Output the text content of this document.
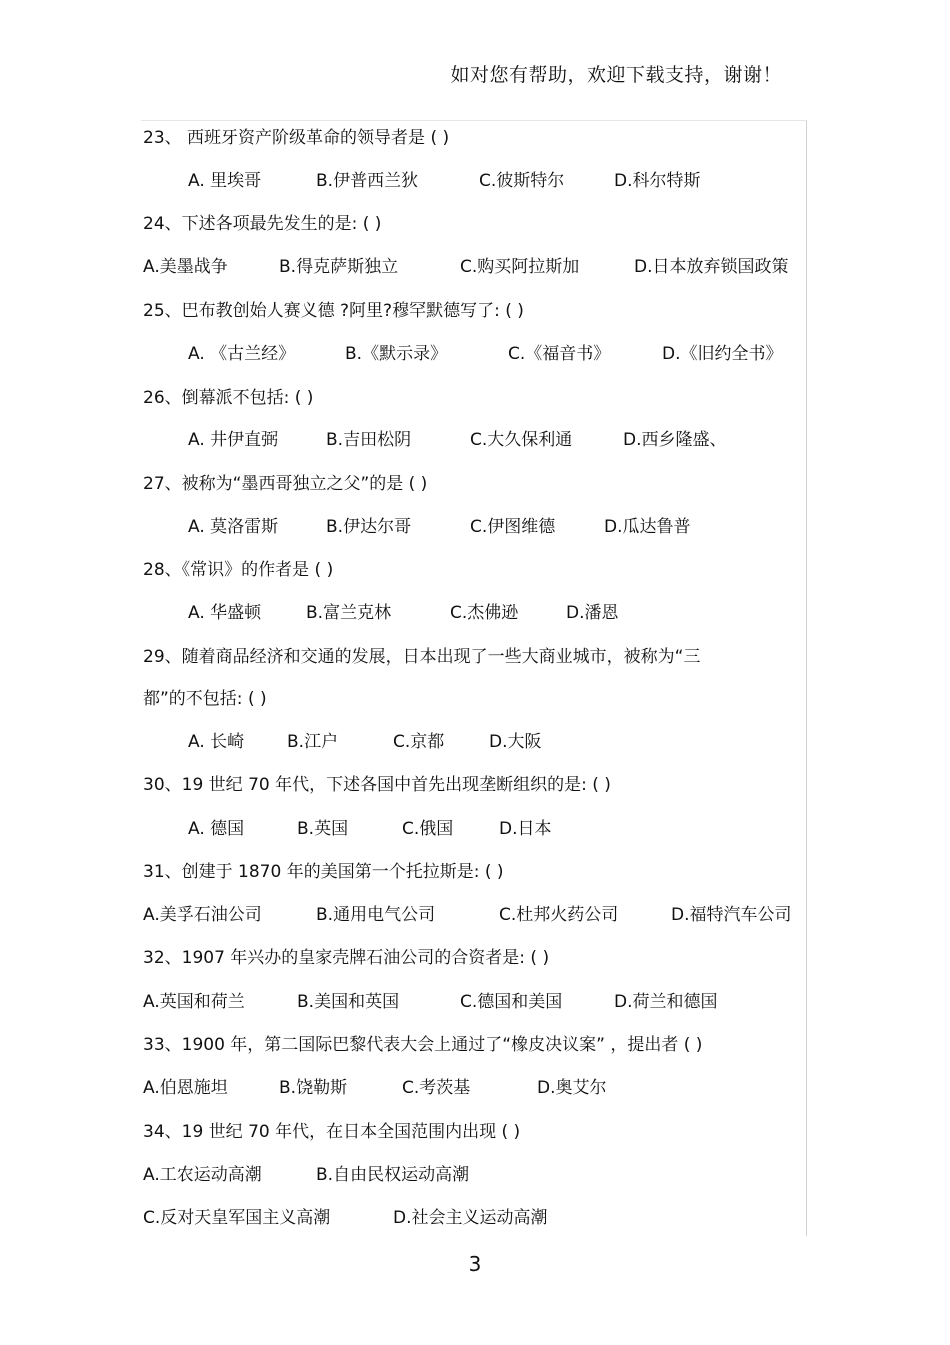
如对您有帮助，欢迎下载支持，谢谢！
23、 西班牙资产阶级革命的领导者是 ( )
A. 里埃哥	B.伊普西兰狄	C.彼斯特尔	D.科尔特斯
24、下述各项最先发生的是: ( )
A.美墨战争	B.得克萨斯独立	C.购买阿拉斯加	D.日本放弃锁国政策
25、巴布教创始人赛义德 ?阿里?穆罕默德写了: ( )
A. 《古兰经》	B.《默示录》	C.《福音书》	D.《旧约全书》
26、倒幕派不包括: ( )
A. 井伊直弼	B.吉田松阴	C.大久保利通	D.西乡隆盛、
27、被称为“墨西哥独立之父”的是 ( )
A. 莫洛雷斯	B.伊达尔哥	C.伊图维德	D.瓜达鲁普
28、《常识》的作者是 ( )
A. 华盛顿	B.富兰克林	C.杰佛逊	D.潘恩
29、随着商品经济和交通的发展，日本出现了一些大商业城市，被称为“三
都”的不包括: ( )
A. 长崎	B.江户	C.京都	D.大阪
30、19 世纪 70 年代，下述各国中首先出现垄断组织的是: ( )
A. 德国	B.英国	C.俄国	D.日本
31、创建于 1870 年的美国第一个托拉斯是: ( )
A.美孚石油公司	B.通用电气公司	C.杜邦火药公司	D.福特汽车公司
32、1907 年兴办的皇家壳牌石油公司的合资者是: ( )
A.英国和荷兰	B.美国和英国	C.德国和美国	D.荷兰和德国
33、1900 年，第二国际巴黎代表大会上通过了“橡皮决议案” ，提出者 ( )
A.伯恩施坦	B.饶勒斯	C.考茨基	D.奥艾尔
34、19 世纪 70 年代，在日本全国范围内出现 ( )
A.工农运动高潮	B.自由民权运动高潮
C.反对天皇军国主义高潮	D.社会主义运动高潮
3
